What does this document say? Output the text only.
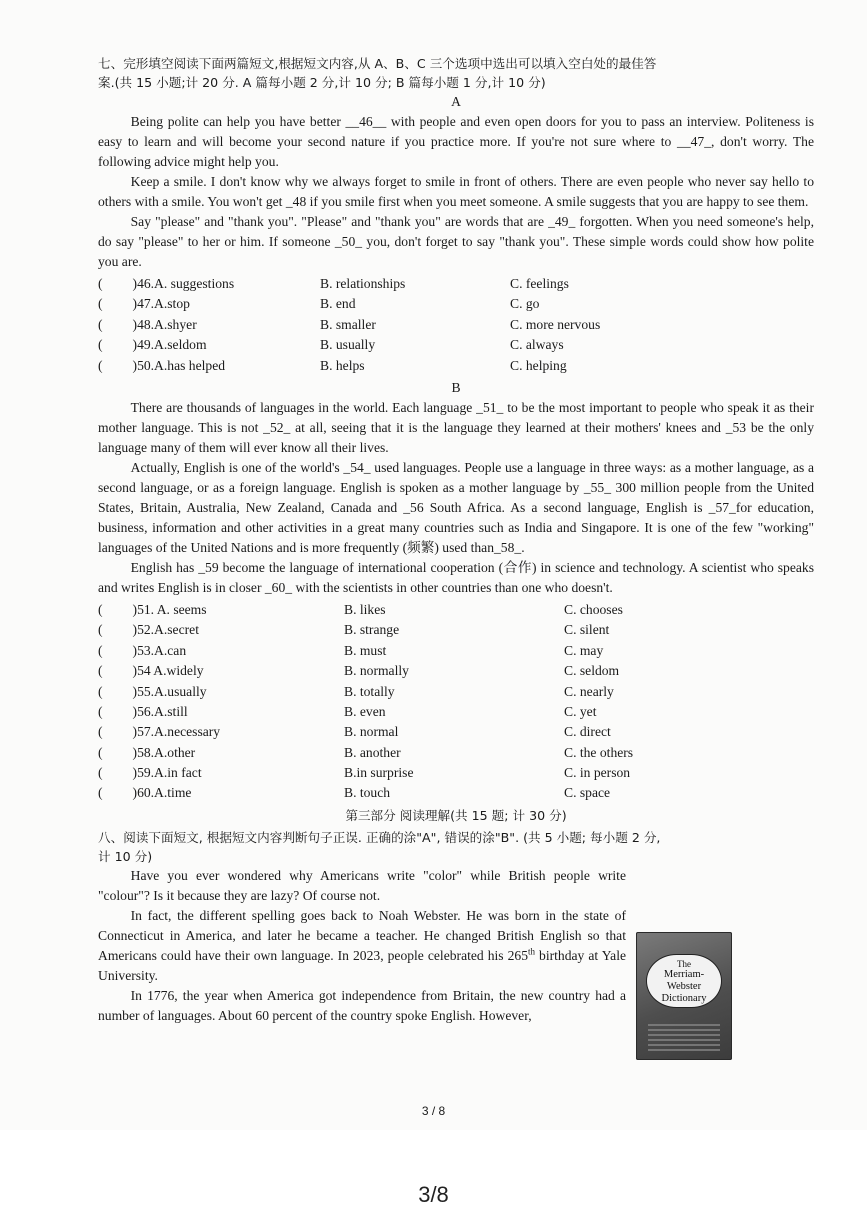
七、完形填空阅读下面两篇短文,根据短文内容,从 A、B、C 三个选项中选出可以填入空白处的最佳答

案.(共 15 小题;计 20 分. A 篇每小题 2 分,计 10 分; B 篇每小题 1 分,计 10 分)

A

Being polite can help you have better __46__ with people and even open doors for you to pass an interview. Politeness is easy to learn and will become your second nature if you practice more. If you're not sure where to __47_, don't worry. The following advice might help you.

Keep a smile. I don't know why we always forget to smile in front of others. There are even people who never say hello to others with a smile. You won't get _48 if you smile first when you meet someone. A smile suggests that you are happy to see them.

Say "please" and "thank you". "Please" and "thank you" are words that are _49_ forgotten. When you need someone's help, do say "please" to her or him. If someone _50_ you, don't forget to say "thank you". These simple words could show how polite you are.

( )46.A. suggestions	B. relationships	C. feelings
( )47.A.stop	B. end	C. go
( )48.A.shyer	B. smaller	C. more nervous
( )49.A.seldom	B. usually	C. always
( )50.A.has helped	B. helps	C. helping

B

There are thousands of languages in the world. Each language _51_ to be the most important to people who speak it as their mother language. This is not _52_ at all, seeing that it is the language they learned at their mothers' knees and _53 be the only language many of them will ever know all their lives.

Actually, English is one of the world's _54_ used languages. People use a language in three ways: as a mother language, as a second language, or as a foreign language. English is spoken as a mother language by _55_ 300 million people from the United States, Britain, Australia, New Zealand, Canada and _56 South Africa. As a second language, English is _57_for education, business, information and other activities in a great many countries such as India and Singapore. It is one of the few "working" languages of the United Nations and is more frequently (频繁) used than_58_.

English has _59 become the language of international cooperation (合作) in science and technology. A scientist who speaks and writes English is in closer _60_ with the scientists in other countries than one who doesn't.

( )51. A. seems	B. likes	C. chooses
( )52.A.secret	B. strange	C. silent
( )53.A.can	B. must	C. may
( )54 A.widely	B. normally	C. seldom
( )55.A.usually	B. totally	C. nearly
( )56.A.still	B. even	C. yet
( )57.A.necessary	B. normal	C. direct
( )58.A.other	B. another	C. the others
( )59.A.in fact	B.in surprise	C. in person
( )60.A.time	B. touch	C. space

第三部分 阅读理解(共 15 题; 计 30 分)

八、阅读下面短文, 根据短文内容判断句子正误. 正确的涂"A", 错误的涂"B". (共 5 小题; 每小题 2 分,

计 10 分)

Have you ever wondered why Americans write "color" while British people write "colour"? Is it because they are lazy? Of course not.

In fact, the different spelling goes back to Noah Webster. He was born in the state of Connecticut in America, and later he became a teacher. He changed British English so that Americans could have their own language. In 2023, people celebrated his 265th birthday at Yale University.

In 1776, the year when America got independence from Britain, the new country had a number of languages. About 60 percent of the country spoke English. However,

The
Merriam-
Webster
Dictionary
3 / 8
3/8
